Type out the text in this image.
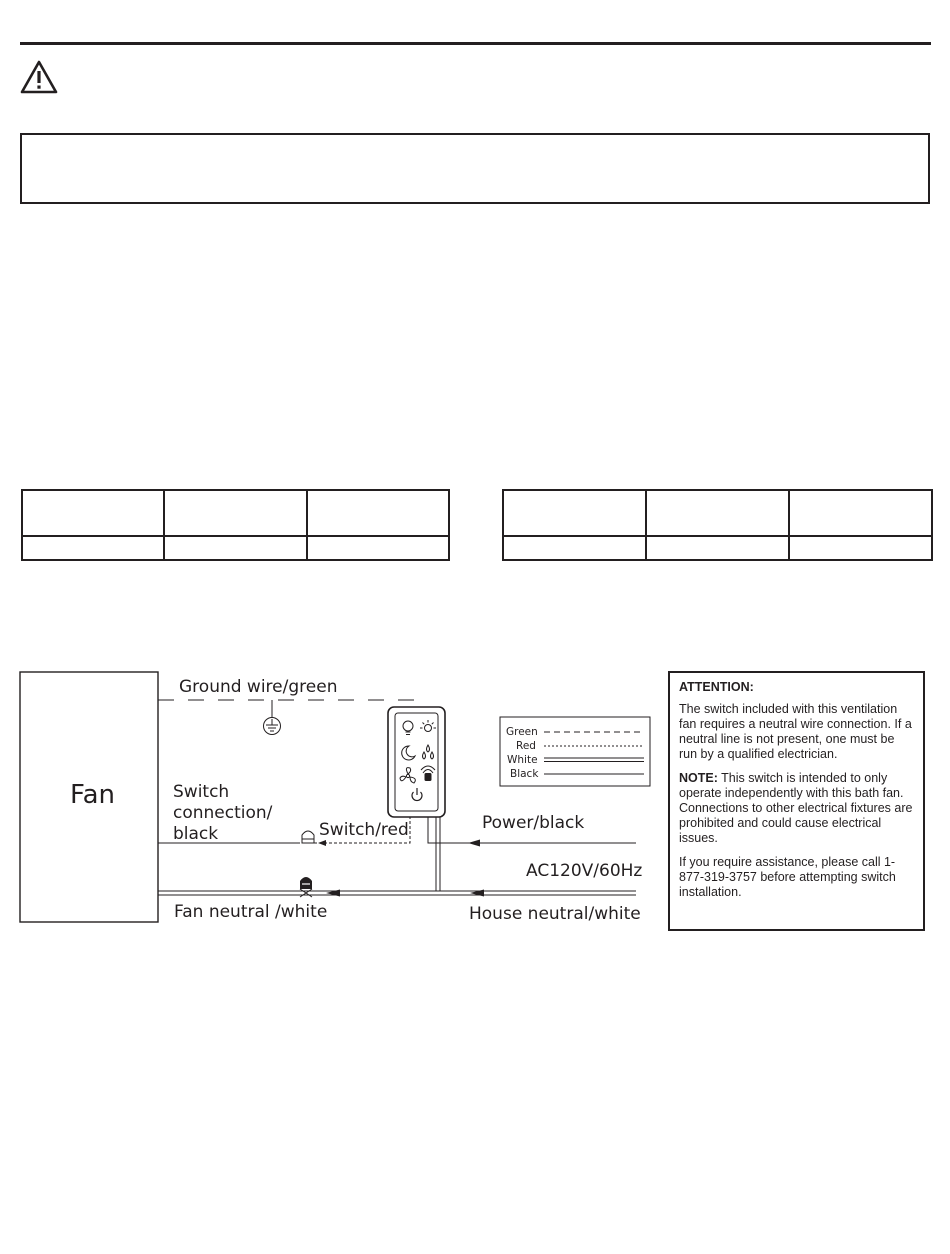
Fan
Ground wire/green
Switch
connection/
black	Switch/red	Power/black
AC120V/60Hz
Fan neutral /white	House neutral/white
Green
Red
White
Black

ATTENTION:

The switch included with this ventilation fan requires a neutral wire connection. If a neutral line is not present, one must be run by a qualified electrician.

NOTE: This switch is intended to only operate independently with this bath fan. Connections to other electrical fixtures are prohibited and could cause electrical issues.

If you require assistance, please call 1-877-319-3757 before attempting switch installation.
